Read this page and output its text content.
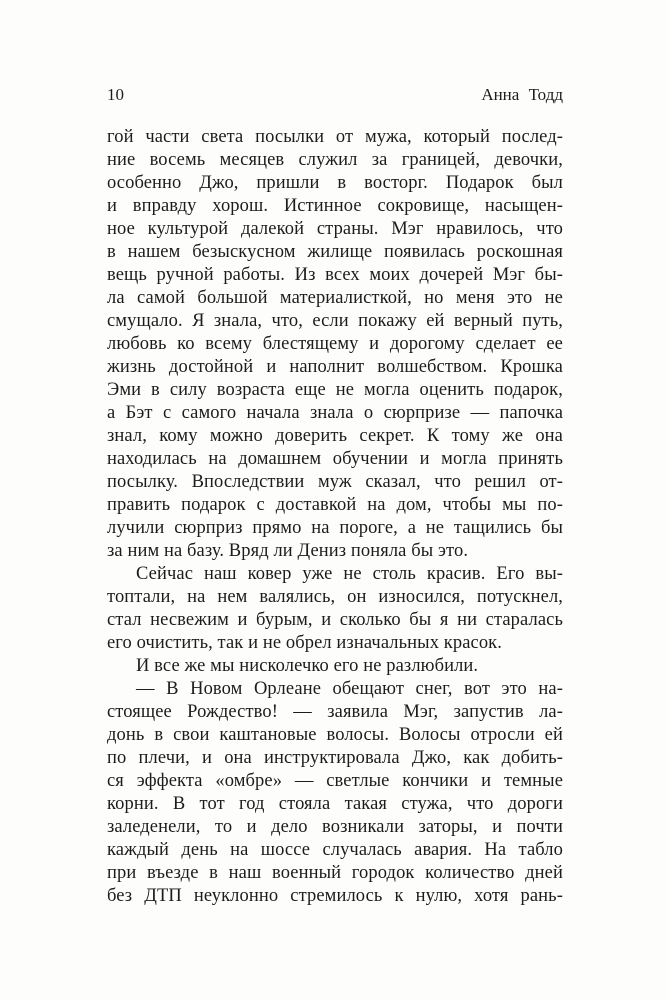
10	Анна Тодд
гой части света посылки от мужа, который послед-
ние восемь месяцев служил за границей, девочки,
особенно Джо, пришли в восторг. Подарок был
и вправду хорош. Истинное сокровище, насыщен-
ное культурой далекой страны. Мэг нравилось, что
в нашем безыскусном жилище появилась роскошная
вещь ручной работы. Из всех моих дочерей Мэг бы-
ла самой большой материалисткой, но меня это не
смущало. Я знала, что, если покажу ей верный путь,
любовь ко всему блестящему и дорогому сделает ее
жизнь достойной и наполнит волшебством. Крошка
Эми в силу возраста еще не могла оценить подарок,
а Бэт с самого начала знала о сюрпризе — папочка
знал, кому можно доверить секрет. К тому же она
находилась на домашнем обучении и могла принять
посылку. Впоследствии муж сказал, что решил от-
править подарок с доставкой на дом, чтобы мы по-
лучили сюрприз прямо на пороге, а не тащились бы
за ним на базу. Вряд ли Дениз поняла бы это.
Сейчас наш ковер уже не столь красив. Его вы-
топтали, на нем валялись, он износился, потускнел,
стал несвежим и бурым, и сколько бы я ни старалась
его очистить, так и не обрел изначальных красок.
И все же мы нисколечко его не разлюбили.
— В Новом Орлеане обещают снег, вот это на-
стоящее Рождество! — заявила Мэг, запустив ла-
донь в свои каштановые волосы. Волосы отросли ей
по плечи, и она инструктировала Джо, как добить-
ся эффекта «омбре» — светлые кончики и темные
корни. В тот год стояла такая стужа, что дороги
заледенели, то и дело возникали заторы, и почти
каждый день на шоссе случалась авария. На табло
при въезде в наш военный городок количество дней
без ДТП неуклонно стремилось к нулю, хотя рань-
